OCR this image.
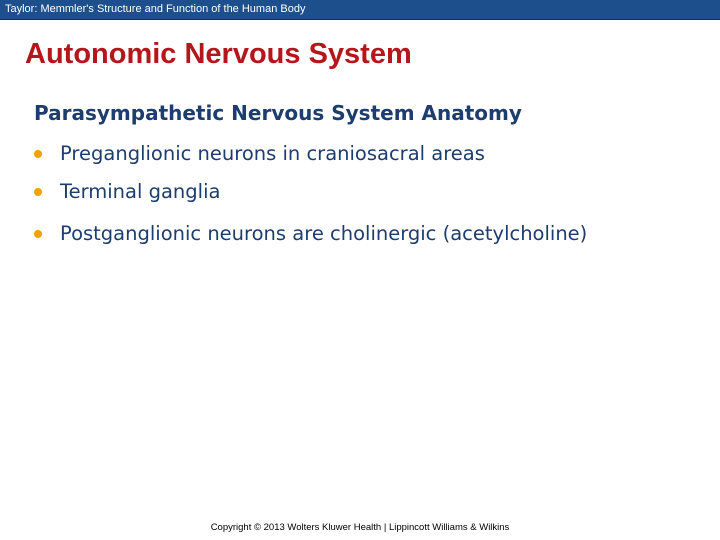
Taylor: Memmler's Structure and Function of the Human Body
Autonomic Nervous System
Parasympathetic Nervous System Anatomy
Preganglionic neurons in craniosacral areas
Terminal ganglia
Postganglionic neurons are cholinergic (acetylcholine)
Copyright © 2013 Wolters Kluwer Health | Lippincott Williams & Wilkins
